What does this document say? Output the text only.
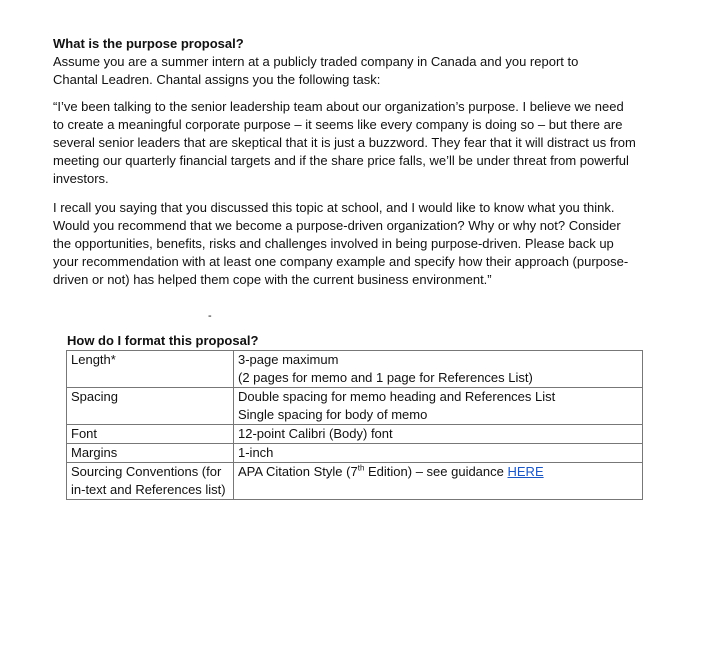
What is the purpose proposal?

Assume you are a summer intern at a publicly traded company in Canada and you report to Chantal Leadren. Chantal assigns you the following task:

“I’ve been talking to the senior leadership team about our organization’s purpose. I believe we need to create a meaningful corporate purpose – it seems like every company is doing so – but there are several senior leaders that are skeptical that it is just a buzzword. They fear that it will distract us from meeting our quarterly financial targets and if the share price falls, we’ll be under threat from powerful investors.

I recall you saying that you discussed this topic at school, and I would like to know what you think. Would you recommend that we become a purpose-driven organization? Why or why not? Consider the opportunities, benefits, risks and challenges involved in being purpose-driven. Please back up your recommendation with at least one company example and specify how their approach (purpose-driven or not) has helped them cope with the current business environment.”

-
How do I format this proposal?
Length*	3-page maximum
(2 pages for memo and 1 page for References List)

Spacing	Double spacing for memo heading and References List
Single spacing for body of memo

Font	12-point Calibri (Body) font

Margins	1-inch

Sourcing Conventions (for in-text and References list)	APA Citation Style (7th Edition) – see guidance HERE
